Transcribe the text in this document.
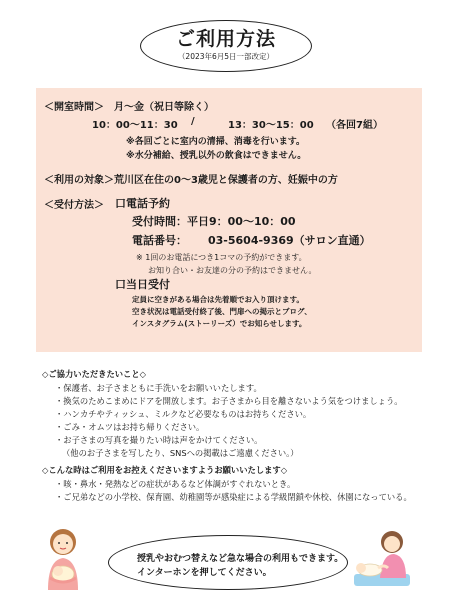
ご利用方法
（2023年6月5日一部改定）
＜開室時間＞ 月～金（祝日等除く）
10：00～11：30 /	13：30～15：00 （各回7組）
※各回ごとに室内の清掃、消毒を行います。
※水分補給、授乳以外の飲食はできません。
＜利用の対象＞ 荒川区在住の0～3歳児と保護者の方、妊娠中の方
＜受付方法＞ 口電話予約
受付時間：平日9：00～10：00
電話番号： 03-5604-9369（サロン直通）
※ 1回のお電話につき1コマの予約ができます。
お知り合い・お友達の分の予約はできません。
口当日受付
定員に空きがある場合は先着順でお入り頂けます。
空き状況は電話受付終了後、門扉への掲示とブログ、
インスタグラム(ストーリーズ）でお知らせします。
◇ご協力いただきたいこと◇
・保護者、お子さまともに手洗いをお願いいたします。
・換気のためこまめにドアを開放します。お子さまから目を離さないよう気をつけましょう。
・ハンカチやティッシュ、ミルクなど必要なものはお持ちください。
・ごみ・オムツはお持ち帰りください。
・お子さまの写真を撮りたい時は声をかけてください。
（他のお子さまを写したり、SNSへの掲載はご遠慮ください。）
◇こんな時はご利用をお控えくださいますようお願いいたします◇
・咳・鼻水・発熱などの症状があるなど体調がすぐれないとき。
・ご兄弟などの小学校、保育園、幼稚園等が感染症による学級閉鎖や休校、休園になっている。
授乳やおむつ替えなど急な場合の利用もできます。
インターホンを押してください。
